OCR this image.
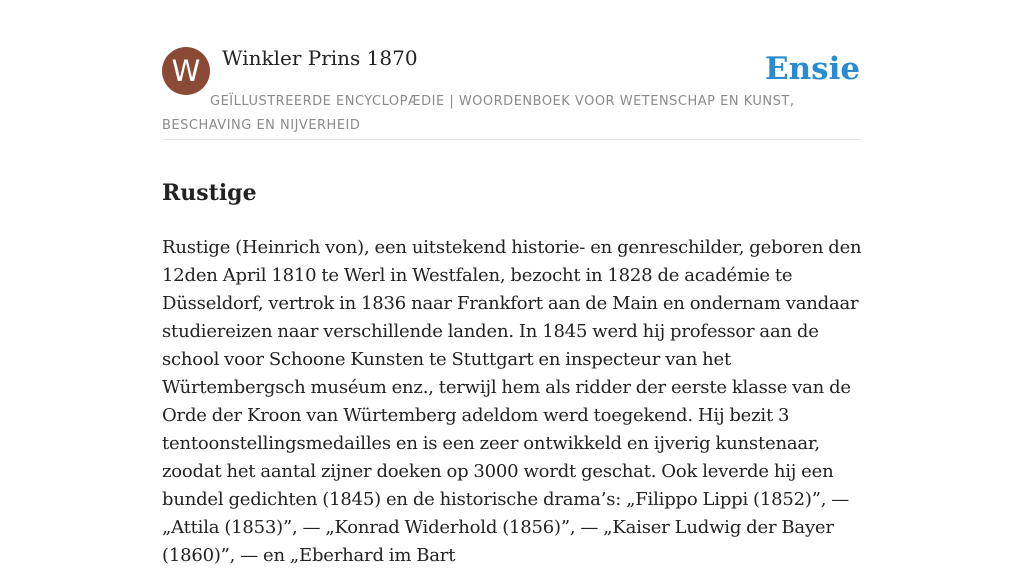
W	Winkler Prins 1870	Ensie
GEÏLLUSTREERDE ENCYCLOPÆDIE | WOORDENBOEK VOOR WETENSCHAP EN KUNST, BESCHAVING EN NIJVERHEID
Rustige

Rustige (Heinrich von), een uitstekend historie- en genreschilder, geboren den 12den April 1810 te Werl in Westfalen, bezocht in 1828 de académie te Düsseldorf, vertrok in 1836 naar Frankfort aan de Main en ondernam vandaar studiereizen naar verschillende landen. In 1845 werd hij professor aan de school voor Schoone Kunsten te Stuttgart en inspecteur van het Würtembergsch muséum enz., terwijl hem als ridder der eerste klasse van de Orde der Kroon van Würtemberg adeldom werd toegekend. Hij bezit 3 tentoonstellingsmedailles en is een zeer ontwikkeld en ijverig kunstenaar, zoodat het aantal zijner doeken op 3000 wordt geschat. Ook leverde hij een bundel gedichten (1845) en de historische drama’s: „Filippo Lippi (1852)”, — „Attila (1853)”, — „Konrad Widerhold (1856)”, — „Kaiser Ludwig der Bayer (1860)”, — en „Eberhard im Bart
